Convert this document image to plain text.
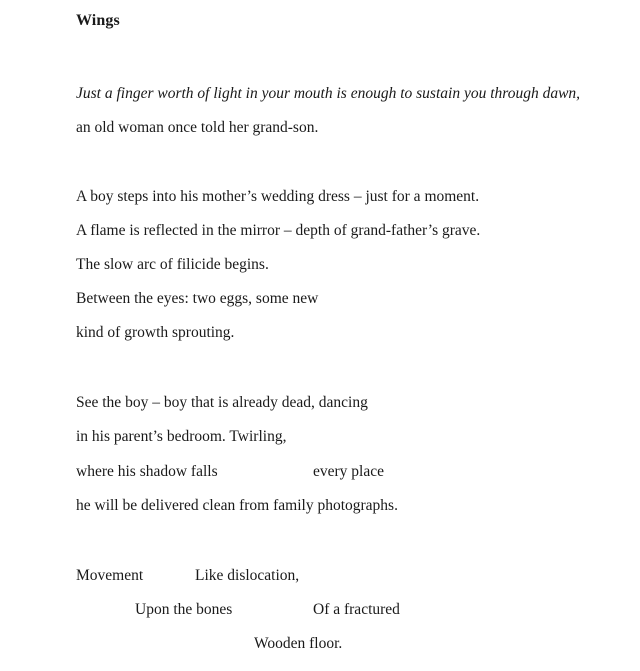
Wings
Just a finger worth of light in your mouth is enough to sustain you through dawn,
an old woman once told her grand-son.
A boy steps into his mother’s wedding dress – just for a moment.
A flame is reflected in the mirror – depth of grand-father’s grave.
The slow arc of filicide begins.
Between the eyes: two eggs, some new
kind of growth sprouting.
See the boy – boy that is already dead, dancing
in his parent’s bedroom. Twirling,
where his shadow falls	every place
he will be delivered clean from family photographs.
Movement	Like dislocation,
Upon the bones	Of a fractured
Wooden floor.
